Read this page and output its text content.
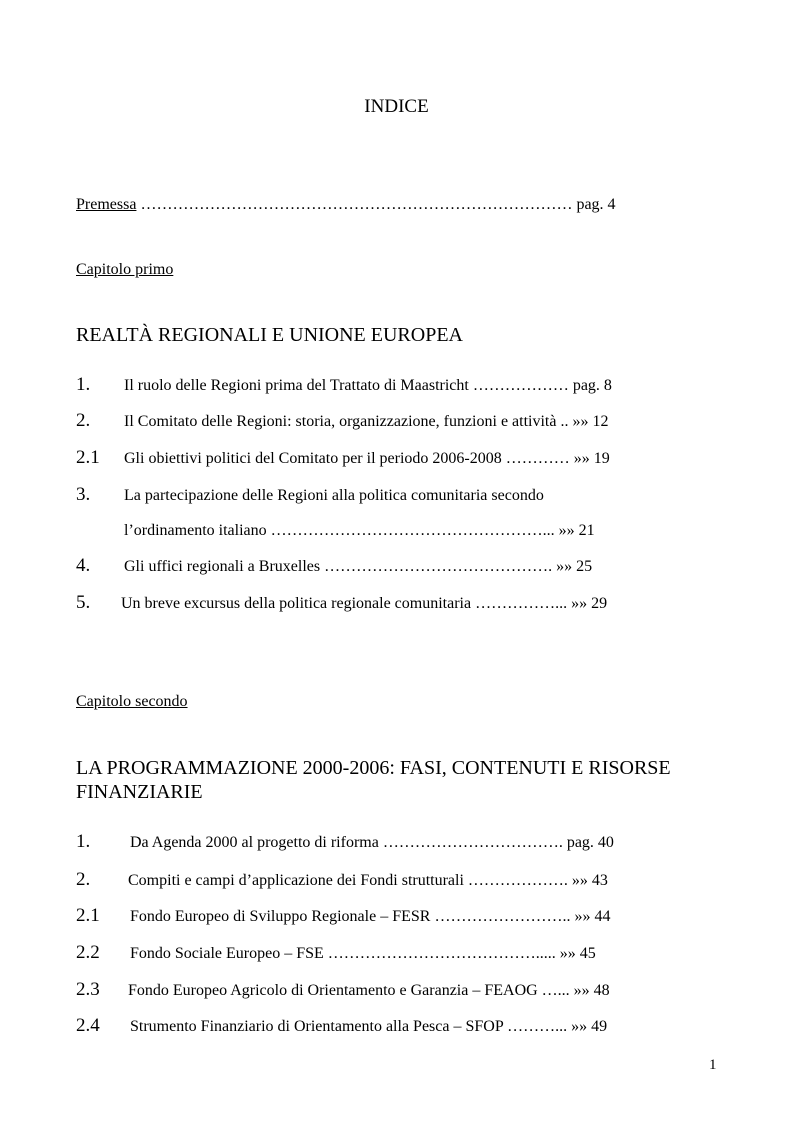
INDICE
Premessa ……………………………………………………………………… pag. 4
Capitolo primo
REALTÀ REGIONALI E UNIONE EUROPEA
1. Il ruolo delle Regioni prima del Trattato di Maastricht ……………… pag. 8
2. Il Comitato delle Regioni: storia, organizzazione, funzioni e attività .. »» 12
2.1 Gli obiettivi politici del Comitato per il periodo 2006-2008 ………… »» 19
3. La partecipazione delle Regioni alla politica comunitaria secondo
l’ordinamento italiano ……………………………………………... »» 21
4. Gli uffici regionali a Bruxelles ……………………………………. »» 25
5. Un breve excursus della politica regionale comunitaria ……………... »» 29
Capitolo secondo
LA PROGRAMMAZIONE 2000-2006: FASI, CONTENUTI E RISORSE
FINANZIARIE
1. Da Agenda 2000 al progetto di riforma ……………………………. pag. 40
2. Compiti e campi d’applicazione dei Fondi strutturali ………………. »» 43
2.1 Fondo Europeo di Sviluppo Regionale – FESR …………………….. »» 44
2.2 Fondo Sociale Europeo – FSE …………………………………..... »» 45
2.3 Fondo Europeo Agricolo di Orientamento e Garanzia – FEAOG …... »» 48
2.4 Strumento Finanziario di Orientamento alla Pesca – SFOP ………... »» 49
1
